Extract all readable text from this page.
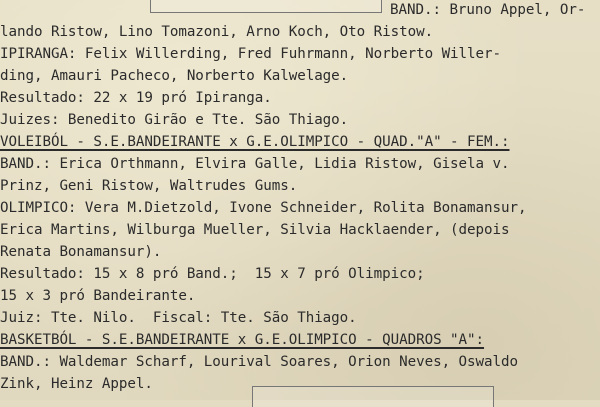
BAND.: Bruno Appel, Or-
lando Ristow, Lino Tomazoni, Arno Koch, Oto Ristow.
IPIRANGA: Felix Willerding, Fred Fuhrmann, Norberto Willer-
ding, Amauri Pacheco, Norberto Kalwelage.
Resultado: 22 x 19 pró Ipiranga.
Juizes: Benedito Girão e Tte. São Thiago.
VOLEIBÓL - S.E.BANDEIRANTE x G.E.OLIMPICO - QUAD."A" - FEM.:
BAND.: Erica Orthmann, Elvira Galle, Lidia Ristow, Gisela v.
Prinz, Geni Ristow, Waltrudes Gums.
OLIMPICO: Vera M.Dietzold, Ivone Schneider, Rolita Bonamansur,
Erica Martins, Wilburga Mueller, Silvia Hacklaender, (depois
Renata Bonamansur).
Resultado: 15 x 8 pró Band.;  15 x 7 pró Olimpico;
15 x 3 pró Bandeirante.
Juiz: Tte. Nilo.  Fiscal: Tte. São Thiago.
BASKETBÓL - S.E.BANDEIRANTE x G.E.OLIMPICO - QUADROS "A":
BAND.: Waldemar Scharf, Lourival Soares, Orion Neves, Oswaldo
Zink, Heinz Appel.
